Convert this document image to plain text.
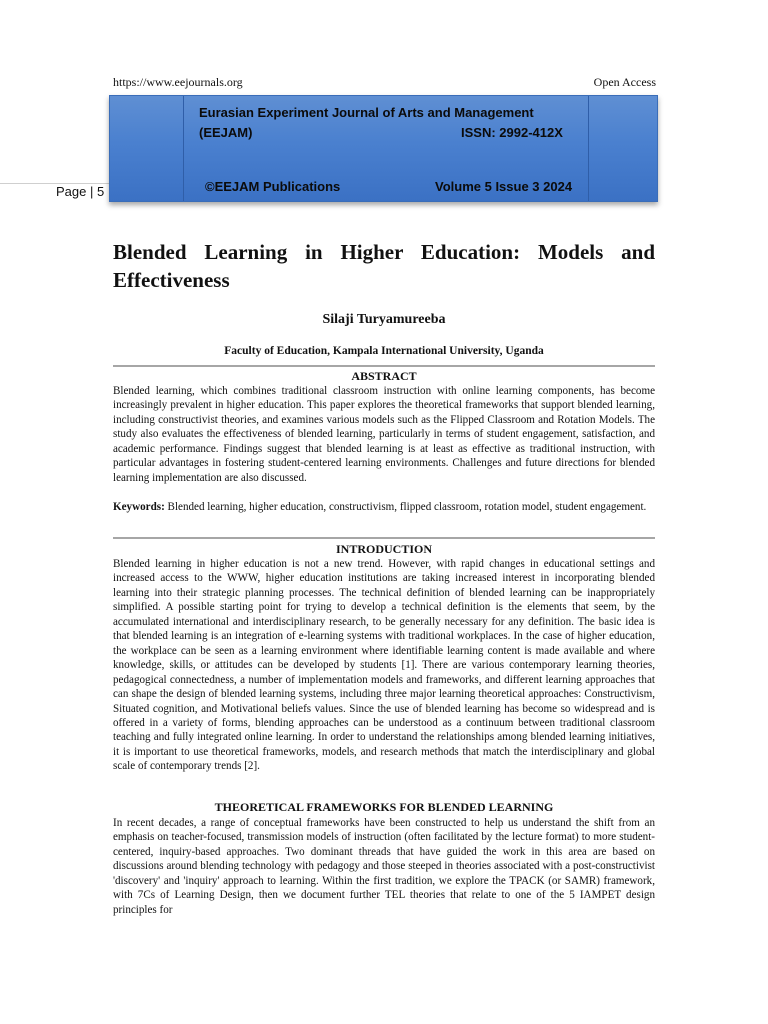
https://www.eejournals.org	Open Access
Page | 5
Eurasian Experiment Journal of Arts and Management
(EEJAM)	ISSN: 2992-412X
©EEJAM Publications	Volume 5 Issue 3 2024
Blended Learning in Higher Education: Models and
Effectiveness
Silaji Turyamureeba
Faculty of Education, Kampala International University, Uganda
ABSTRACT

Blended learning, which combines traditional classroom instruction with online learning components, has become increasingly prevalent in higher education. This paper explores the theoretical frameworks that support blended learning, including constructivist theories, and examines various models such as the Flipped Classroom and Rotation Models. The study also evaluates the effectiveness of blended learning, particularly in terms of student engagement, satisfaction, and academic performance. Findings suggest that blended learning is at least as effective as traditional instruction, with particular advantages in fostering student-centered learning environments. Challenges and future directions for blended learning implementation are also discussed.

Keywords: Blended learning, higher education, constructivism, flipped classroom, rotation model, student engagement.

INTRODUCTION

Blended learning in higher education is not a new trend. However, with rapid changes in educational settings and increased access to the WWW, higher education institutions are taking increased interest in incorporating blended learning into their strategic planning processes. The technical definition of blended learning can be inappropriately simplified. A possible starting point for trying to develop a technical definition is the elements that seem, by the accumulated international and interdisciplinary research, to be generally necessary for any definition. The basic idea is that blended learning is an integration of e-learning systems with traditional workplaces. In the case of higher education, the workplace can be seen as a learning environment where identifiable learning content is made available and where knowledge, skills, or attitudes can be developed by students [1]. There are various contemporary learning theories, pedagogical connectedness, a number of implementation models and frameworks, and different learning approaches that can shape the design of blended learning systems, including three major learning theoretical approaches: Constructivism, Situated cognition, and Motivational beliefs values. Since the use of blended learning has become so widespread and is offered in a variety of forms, blending approaches can be understood as a continuum between traditional classroom teaching and fully integrated online learning. In order to understand the relationships among blended learning initiatives, it is important to use theoretical frameworks, models, and research methods that match the interdisciplinary and global scale of contemporary trends [2].

THEORETICAL FRAMEWORKS FOR BLENDED LEARNING

In recent decades, a range of conceptual frameworks have been constructed to help us understand the shift from an emphasis on teacher-focused, transmission models of instruction (often facilitated by the lecture format) to more student-centered, inquiry-based approaches. Two dominant threads that have guided the work in this area are based on discussions around blending technology with pedagogy and those steeped in theories associated with a post-constructivist 'discovery' and 'inquiry' approach to learning. Within the first tradition, we explore the TPACK (or SAMR) framework, with 7Cs of Learning Design, then we document further TEL theories that relate to one of the 5 IAMPET design principles for
